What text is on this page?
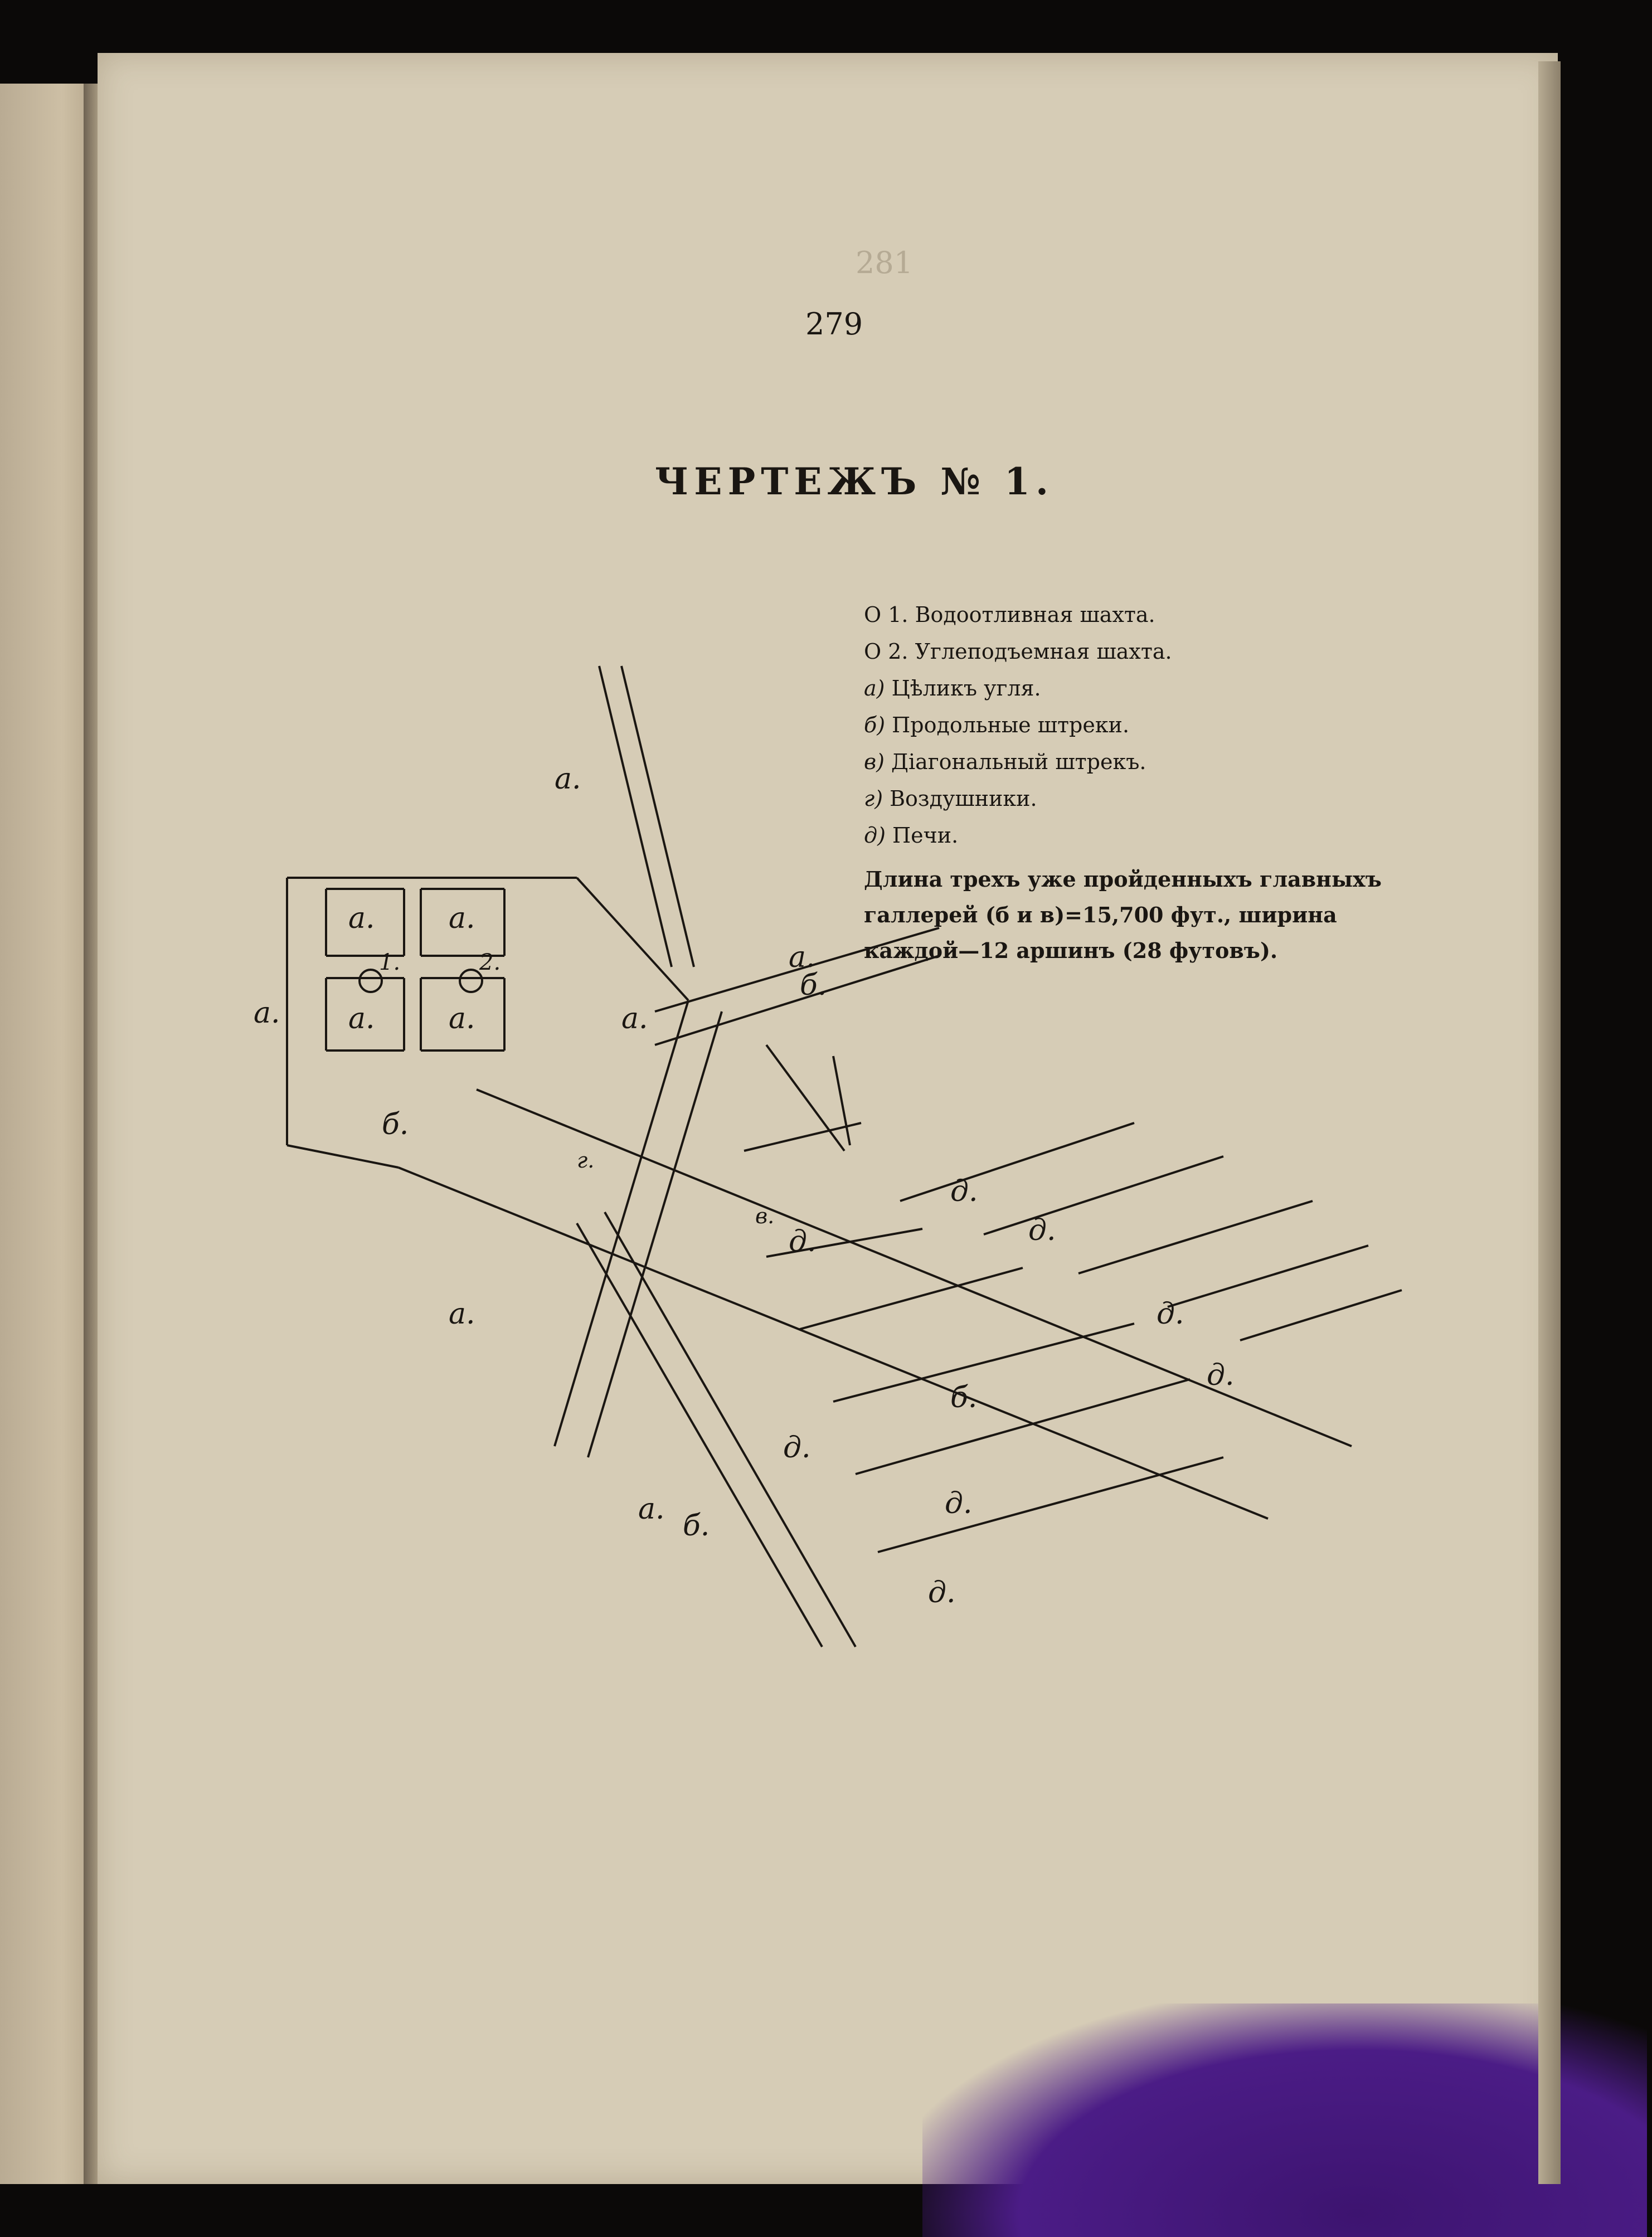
281
279
ЧЕРТЕЖЪ № 1.
O 1. Водоотливная шахта.
O 2. Углеподъемная шахта.
а) Цѣликъ угля.
б) Продольные штреки.
в) Діагональный штрекъ.
г) Воздушники.
д) Печи.
Длина трехъ уже пройденныхъ главныхъ галлерей (б и в)=15,700 фут., ширина каждой—12 аршинъ (28 футовъ).
а.	а.
а.	а.
а.
а.	а.
а.
а.
а.
б.
б.
б.
б.
д.
д.
д.
д.
д.
д.
д.
д.
г.
в.
1.	2.
